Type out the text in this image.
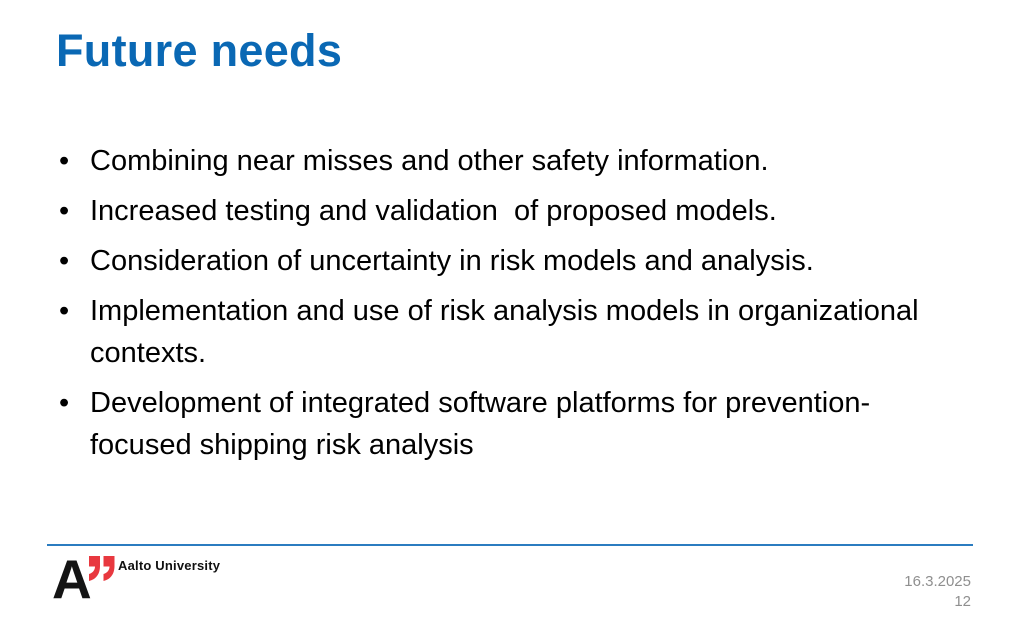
Future needs
• Combining near misses and other safety information.
• Increased testing and validation  of proposed models.
• Consideration of uncertainty in risk models and analysis.
• Implementation and use of risk analysis models in organizational contexts.
• Development of integrated software platforms for prevention-focused shipping risk analysis
A Aalto University
16.3.2025
12
